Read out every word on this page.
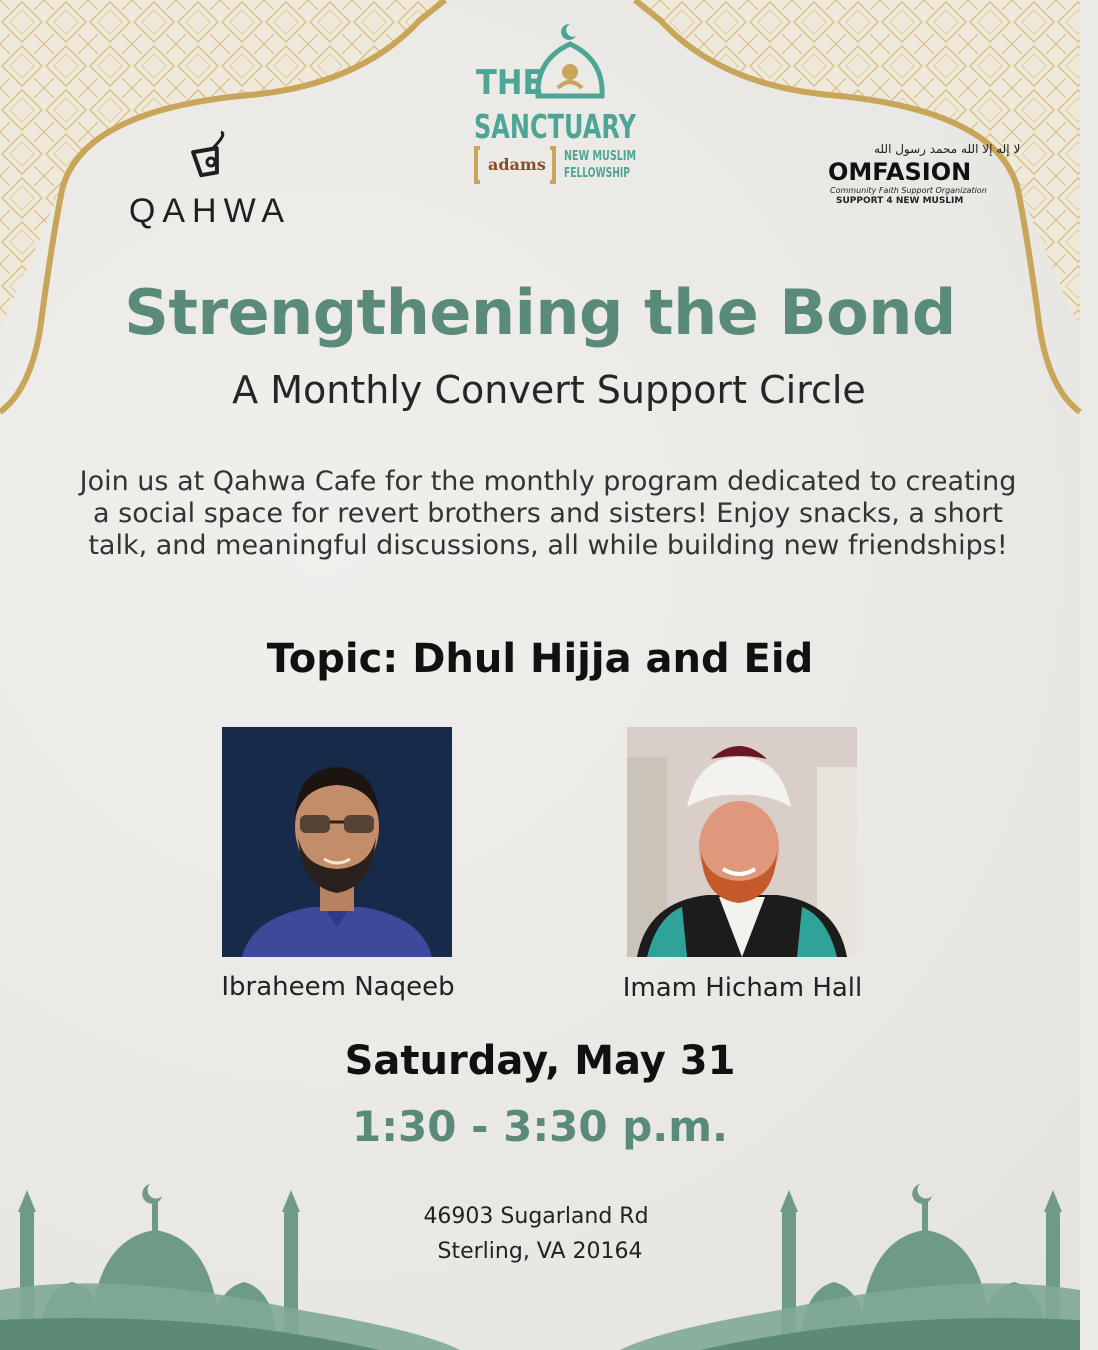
QAHWA
THE
SANCTUARY
adams NEW MUSLIM
FELLOWSHIP
لا إله إلا الله محمد رسول الله
OMFASION
Community Faith Support Organization
SUPPORT 4 NEW MUSLIM
Strengthening the Bond
A Monthly Convert Support Circle
Join us at Qahwa Cafe for the monthly program dedicated to creating a social space for revert brothers and sisters! Enjoy snacks, a short talk, and meaningful discussions, all while building new friendships!
Topic: Dhul Hijja and Eid
Ibraheem Naqeeb	Imam Hicham Hall
Saturday, May 31
1:30 - 3:30 p.m.
46903 Sugarland Rd
Sterling, VA 20164
